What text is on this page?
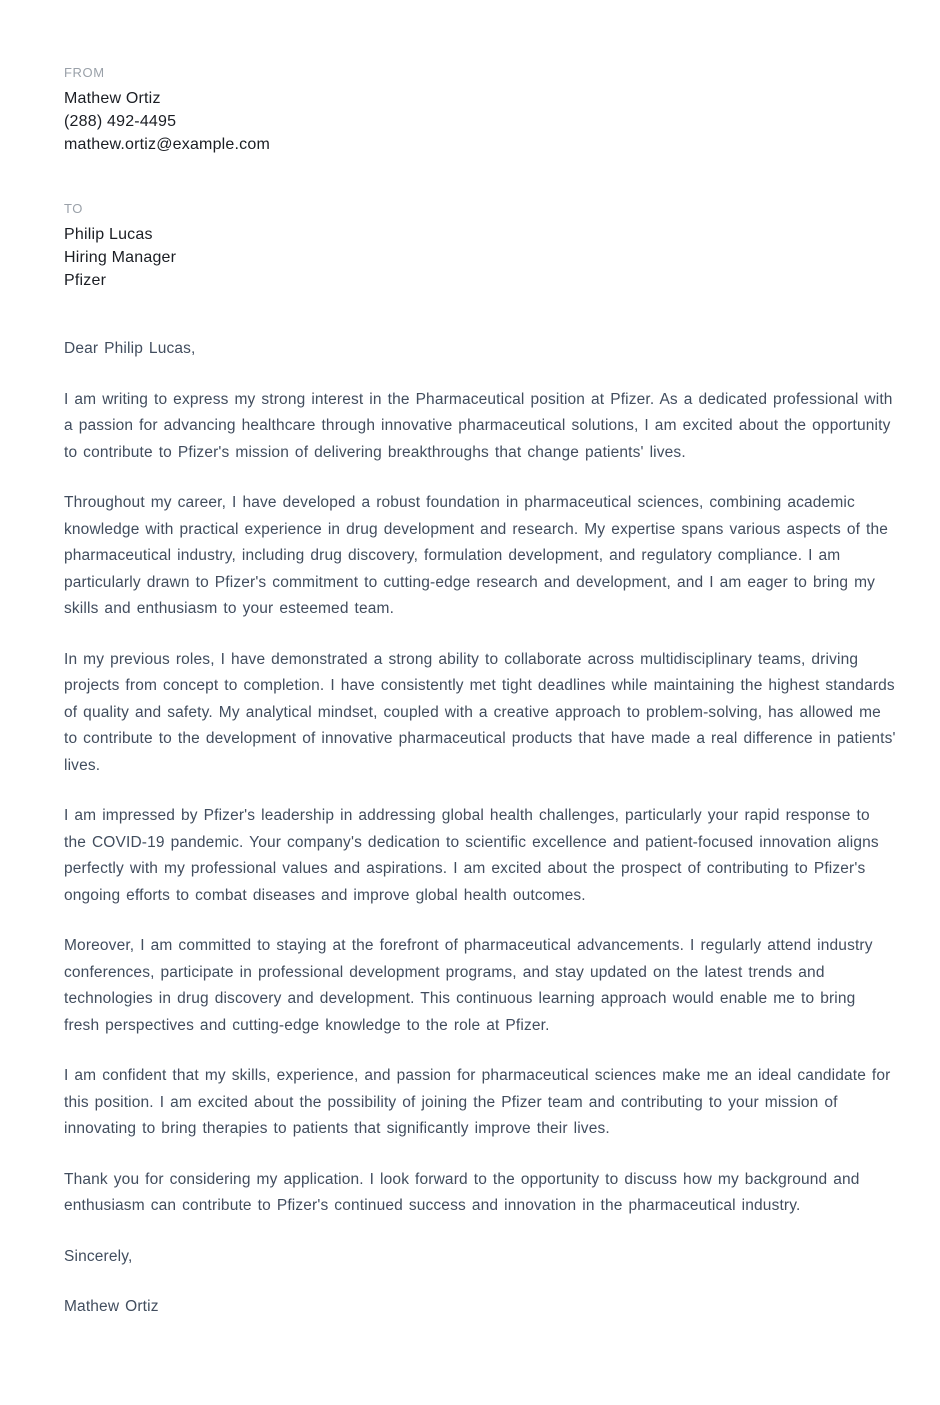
FROM
Mathew Ortiz
(288) 492-4495
mathew.ortiz@example.com
TO
Philip Lucas
Hiring Manager
Pfizer

Dear Philip Lucas,

I am writing to express my strong interest in the Pharmaceutical position at Pfizer. As a dedicated professional with a passion for advancing healthcare through innovative pharmaceutical solutions, I am excited about the opportunity to contribute to Pfizer's mission of delivering breakthroughs that change patients' lives.

Throughout my career, I have developed a robust foundation in pharmaceutical sciences, combining academic knowledge with practical experience in drug development and research. My expertise spans various aspects of the pharmaceutical industry, including drug discovery, formulation development, and regulatory compliance. I am particularly drawn to Pfizer's commitment to cutting-edge research and development, and I am eager to bring my skills and enthusiasm to your esteemed team.

In my previous roles, I have demonstrated a strong ability to collaborate across multidisciplinary teams, driving projects from concept to completion. I have consistently met tight deadlines while maintaining the highest standards of quality and safety. My analytical mindset, coupled with a creative approach to problem-solving, has allowed me to contribute to the development of innovative pharmaceutical products that have made a real difference in patients' lives.

I am impressed by Pfizer's leadership in addressing global health challenges, particularly your rapid response to the COVID-19 pandemic. Your company's dedication to scientific excellence and patient-focused innovation aligns perfectly with my professional values and aspirations. I am excited about the prospect of contributing to Pfizer's ongoing efforts to combat diseases and improve global health outcomes.

Moreover, I am committed to staying at the forefront of pharmaceutical advancements. I regularly attend industry conferences, participate in professional development programs, and stay updated on the latest trends and technologies in drug discovery and development. This continuous learning approach would enable me to bring fresh perspectives and cutting-edge knowledge to the role at Pfizer.

I am confident that my skills, experience, and passion for pharmaceutical sciences make me an ideal candidate for this position. I am excited about the possibility of joining the Pfizer team and contributing to your mission of innovating to bring therapies to patients that significantly improve their lives.

Thank you for considering my application. I look forward to the opportunity to discuss how my background and enthusiasm can contribute to Pfizer's continued success and innovation in the pharmaceutical industry.

Sincerely,

Mathew Ortiz
